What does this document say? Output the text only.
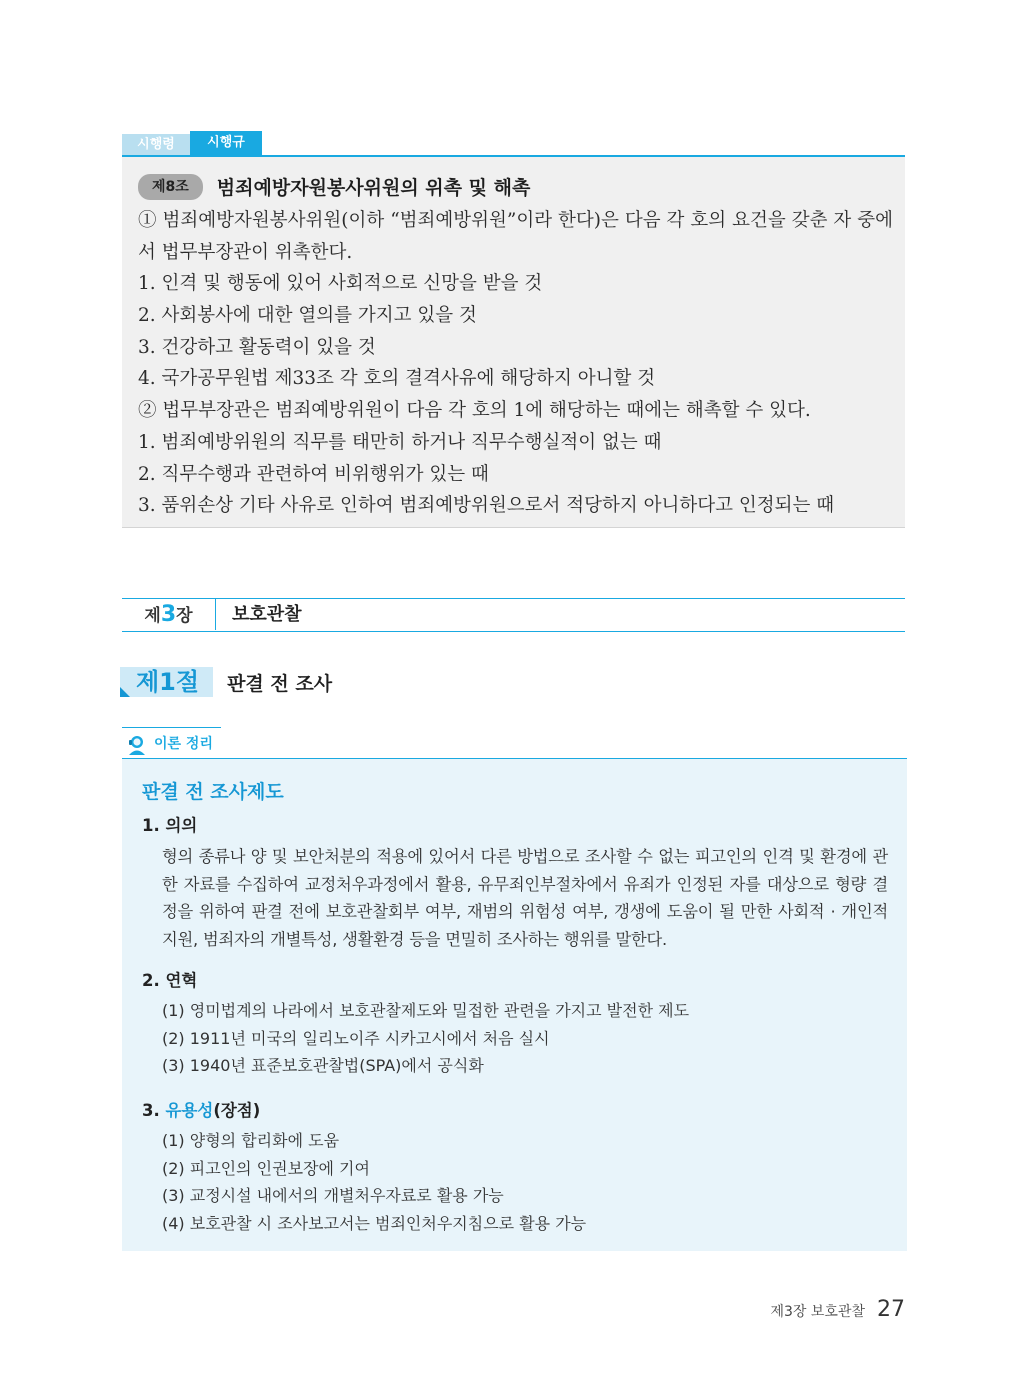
시행령	시행규
제8조	범죄예방자원봉사위원의 위촉 및 해촉
① 범죄예방자원봉사위원(이하 “범죄예방위원”이라 한다)은 다음 각 호의 요건을 갖춘 자 중에서 법무부장관이 위촉한다.
1. 인격 및 행동에 있어 사회적으로 신망을 받을 것
2. 사회봉사에 대한 열의를 가지고 있을 것
3. 건강하고 활동력이 있을 것
4. 국가공무원법 제33조 각 호의 결격사유에 해당하지 아니할 것
② 법무부장관은 범죄예방위원이 다음 각 호의 1에 해당하는 때에는 해촉할 수 있다.
1. 범죄예방위원의 직무를 태만히 하거나 직무수행실적이 없는 때
2. 직무수행과 관련하여 비위행위가 있는 때
3. 품위손상 기타 사유로 인하여 범죄예방위원으로서 적당하지 아니하다고 인정되는 때
제3장	보호관찰
제1절	판결 전 조사
이론 정리
판결 전 조사제도
1. 의의
형의 종류나 양 및 보안처분의 적용에 있어서 다른 방법으로 조사할 수 없는 피고인의 인격 및 환경에 관한 자료를 수집하여 교정처우과정에서 활용, 유무죄인부절차에서 유죄가 인정된 자를 대상으로 형량 결정을 위하여 판결 전에 보호관찰회부 여부, 재범의 위험성 여부, 갱생에 도움이 될 만한 사회적 · 개인적 지원, 범죄자의 개별특성, 생활환경 등을 면밀히 조사하는 행위를 말한다.
2. 연혁
(1) 영미법계의 나라에서 보호관찰제도와 밀접한 관련을 가지고 발전한 제도
(2) 1911년 미국의 일리노이주 시카고시에서 처음 실시
(3) 1940년 표준보호관찰법(SPA)에서 공식화
3. 유용성(장점)
(1) 양형의 합리화에 도움
(2) 피고인의 인권보장에 기여
(3) 교정시설 내에서의 개별처우자료로 활용 가능
(4) 보호관찰 시 조사보고서는 범죄인처우지침으로 활용 가능
제3장 보호관찰 27
